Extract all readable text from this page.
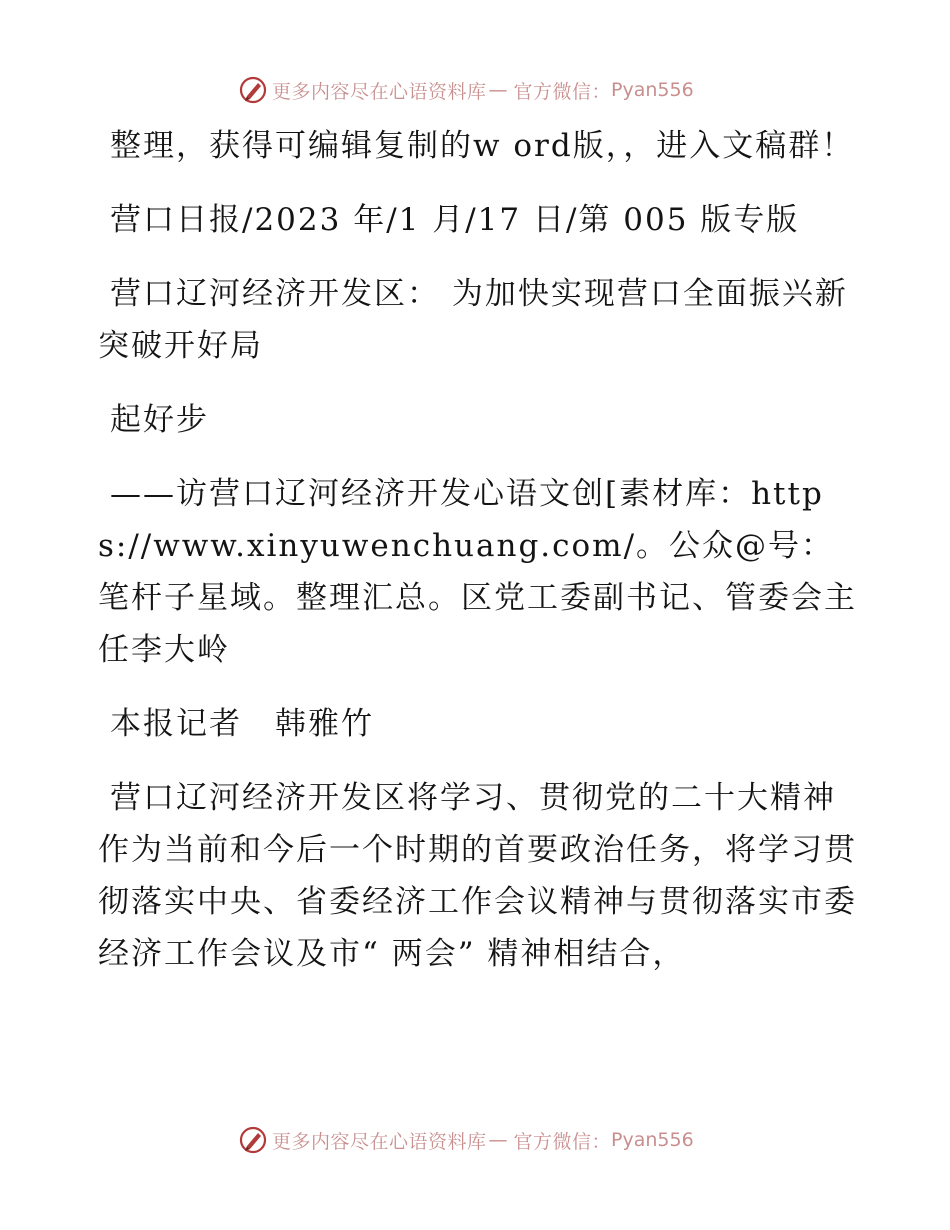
更多内容尽在心语资料库 — 官方微信： Pyan556

整理，获得可编辑复制的w ord版，，进入文稿群！

营口日报/2023 年/1 月/17 日/第 005 版专版

营口辽河经济开发区： 为加快实现营口全面振兴新突破开好局

起好步

——访营口辽河经济开发心语文创[素材库：https://www.xinyuwenchuang.com/。公众@号：笔杆子星域。整理汇总。区党工委副书记、管委会主任李大岭

本报记者　韩雅竹

营口辽河经济开发区将学习、贯彻党的二十大精神作为当前和今后一个时期的首要政治任务，将学习贯彻落实中央、省委经济工作会议精神与贯彻落实市委经济工作会议及市“ 两会” 精神相结合，

更多内容尽在心语资料库 — 官方微信： Pyan556
